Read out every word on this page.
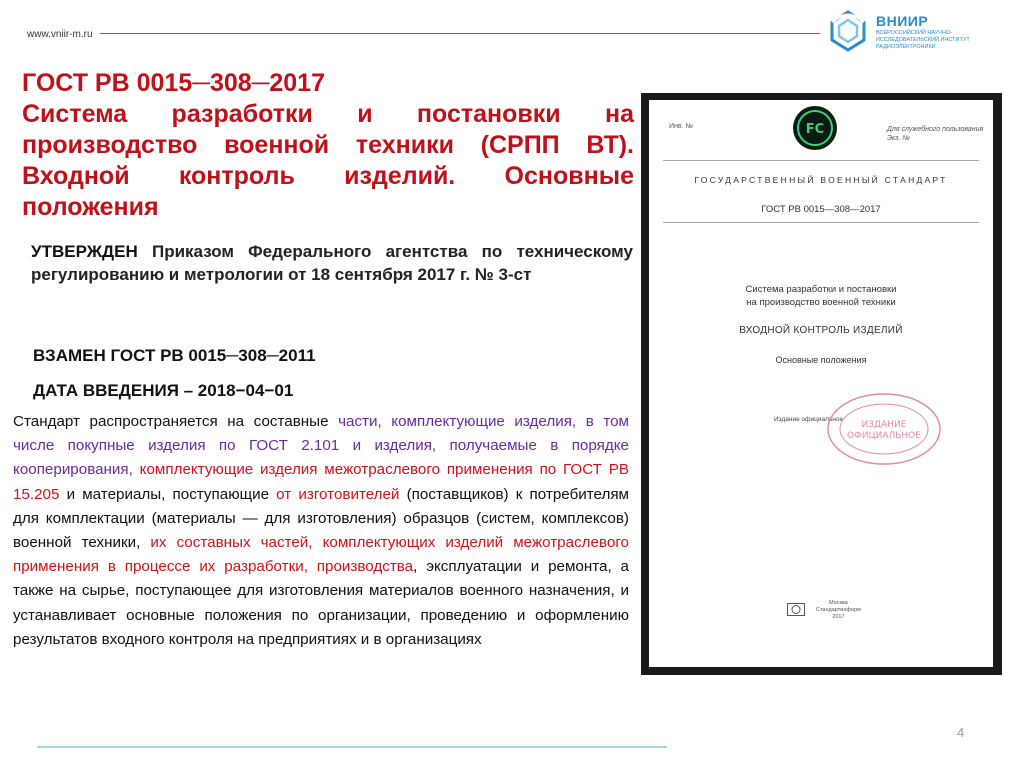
www.vniir-m.ru
ВНИИР
ВСЕРОССИЙСКИЙ НАУЧНО-ИССЛЕДОВАТЕЛЬСКИЙ ИНСТИТУТ РАДИОЭЛЕКТРОНИКИ
ГОСТ РВ 0015─308─2017
Система разработки и постановки на производство военной техники (СРПП ВТ). Входной контроль изделий. Основные положения
УТВЕРЖДЕН Приказом Федерального агентства по техническому регулированию и метрологии от 18 сентября 2017 г. № 3-ст
ВЗАМЕН ГОСТ РВ 0015─308─2011
ДАТА ВВЕДЕНИЯ – 2018−04−01
Стандарт распространяется на составные части, комплектующие изделия, в том числе покупные изделия по ГОСТ 2.101 и изделия, получаемые в порядке кооперирования, комплектующие изделия межотраслевого применения по ГОСТ РВ 15.205 и материалы, поступающие от изготовителей (поставщиков) к потребителям для комплектации (материалы — для изготовления) образцов (систем, комплексов) военной техники, их составных частей, комплектующих изделий межотраслевого применения в процессе их разработки, производства, эксплуатации и ремонта, а также на сырье, поступающее для изготовления материалов военного назначения, и устанавливает основные положения по организации, проведению и оформлению результатов входного контроля на предприятиях и в организациях
Инв. №	FC	Для служебного пользования
Экз. №
ГОСУДАРСТВЕННЫЙ ВОЕННЫЙ СТАНДАРТ
ГОСТ РВ 0015—308—2017
Система разработки и постановки
на производство военной техники
ВХОДНОЙ КОНТРОЛЬ ИЗДЕЛИЙ
Основные положения
Издание официальное
ИЗДАНИЕ
ОФИЦИАЛЬНОЕ
Москва
Стандартинформ
2017
4
